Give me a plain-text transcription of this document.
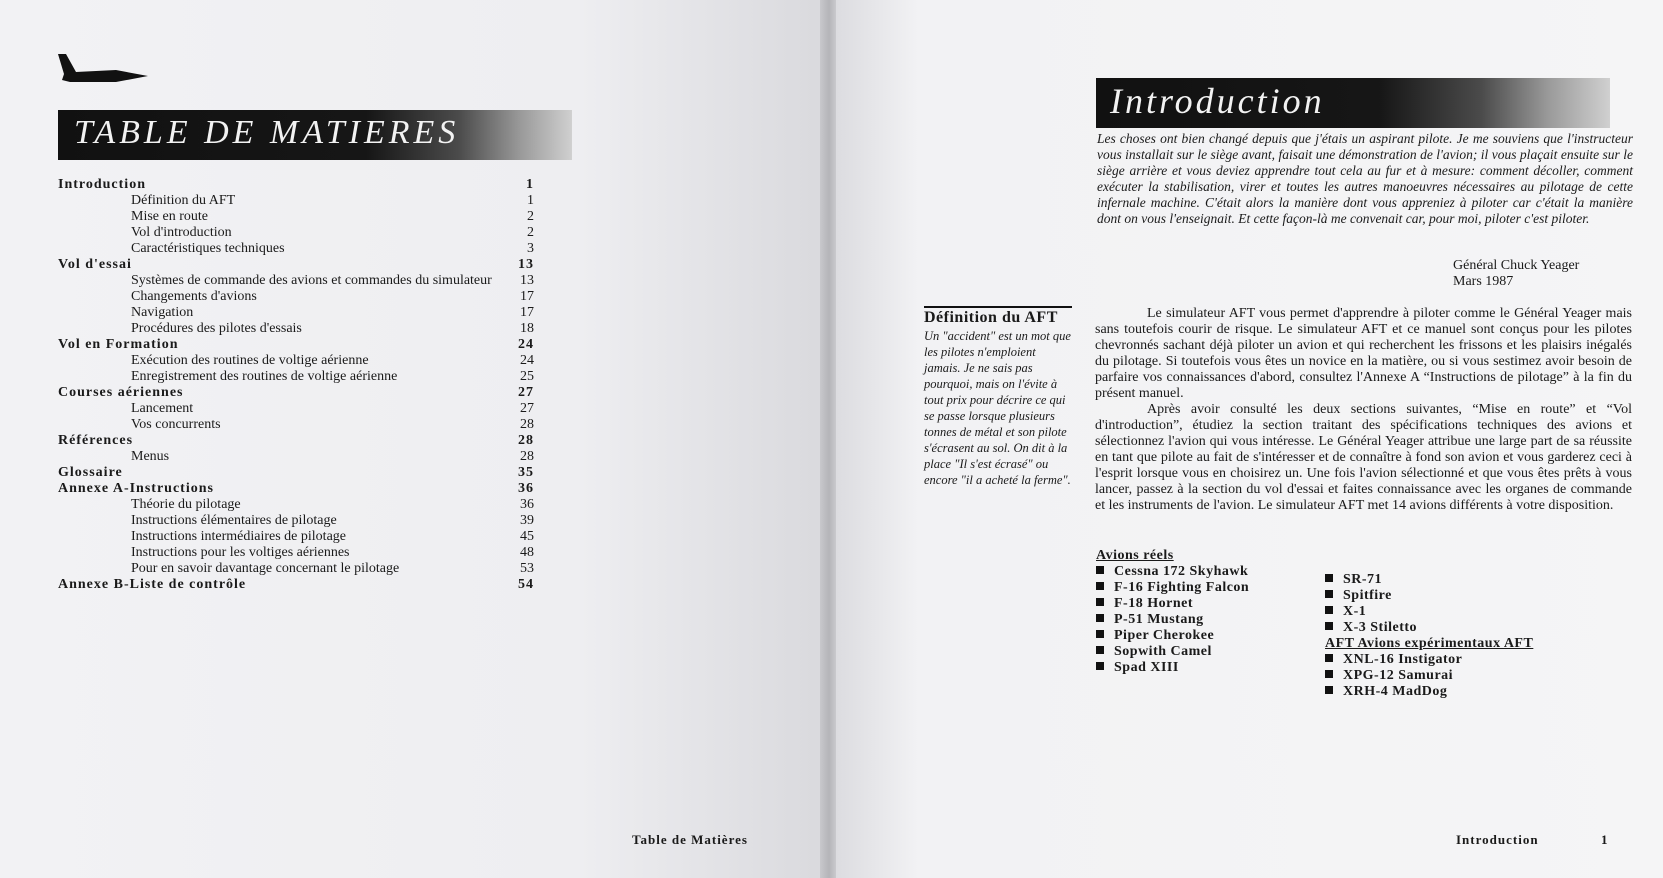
TABLE DE MATIERES
Introduction	1
Définition du AFT	1
Mise en route	2
Vol d'introduction	2
Caractéristiques techniques	3
Vol d'essai	13
Systèmes de commande des avions et commandes du simulateur 13
Changements d'avions	17
Navigation	17
Procédures des pilotes d'essais	18
Vol en Formation	24
Exécution des routines de voltige aérienne	24
Enregistrement des routines de voltige aérienne	25
Courses aériennes	27
Lancement	27
Vos concurrents	28
Références	28
Menus	28
Glossaire	35
Annexe A-Instructions	36
Théorie du pilotage	36
Instructions élémentaires de pilotage	39
Instructions intermédiaires de pilotage	45
Instructions pour les voltiges aériennes	48
Pour en savoir davantage concernant le pilotage	53
Annexe B-Liste de contrôle	54
Table de Matières
Introduction
Les choses ont bien changé depuis que j'étais un aspirant pilote. Je me souviens que l'instructeur vous installait sur le siège avant, faisait une démonstration de l'avion; il vous plaçait ensuite sur le siège arrière et vous deviez apprendre tout cela au fur et à mesure: comment décoller, comment exécuter la stabilisation, virer et toutes les autres manoeuvres nécessaires au pilotage de cette infernale machine. C'était alors la manière dont vous appreniez à piloter car c'était la manière dont on vous l'enseignait. Et cette façon-là me convenait car, pour moi, piloter c'est piloter.
Général Chuck Yeager
Mars 1987
Définition du AFT
Un "accident" est un mot que les pilotes n'emploient jamais. Je ne sais pas pourquoi, mais on l'évite à tout prix pour décrire ce qui se passe lorsque plusieurs tonnes de métal et son pilote s'écrasent au sol. On dit à la place "Il s'est écrasé" ou encore "il a acheté la ferme".

Le simulateur AFT vous permet d'apprendre à piloter comme le Général Yeager mais sans toutefois courir de risque. Le simulateur AFT et ce manuel sont conçus pour les pilotes chevronnés sachant déjà piloter un avion et qui recherchent les frissons et les plaisirs inégalés du pilotage. Si toutefois vous êtes un novice en la matière, ou si vous sestimez avoir besoin de parfaire vos connaissances d'abord, consultez l'Annexe A “Instructions de pilotage” à la fin du présent manuel.

Après avoir consulté les deux sections suivantes, “Mise en route” et “Vol d'introduction”, étudiez la section traitant des spécifications techniques des avions et sélectionnez l'avion qui vous intéresse. Le Général Yeager attribue une large part de sa réussite en tant que pilote au fait de s'intéresser et de connaître à fond son avion et vous garderez ceci à l'esprit lorsque vous en choisirez un. Une fois l'avion sélectionné et que vous êtes prêts à vous lancer, passez à la section du vol d'essai et faites connaissance avec les organes de commande et les instruments de l'avion. Le simulateur AFT met 14 avions différents à votre disposition.

Avions réels
Cessna 172 Skyhawk
F-16 Fighting Falcon
F-18 Hornet
P-51 Mustang
Piper Cherokee
Sopwith Camel
Spad XIII
SR-71
Spitfire
X-1
X-3 Stiletto
AFT Avions expérimentaux AFT
XNL-16 Instigator
XPG-12 Samurai
XRH-4 MadDog
Introduction	1
